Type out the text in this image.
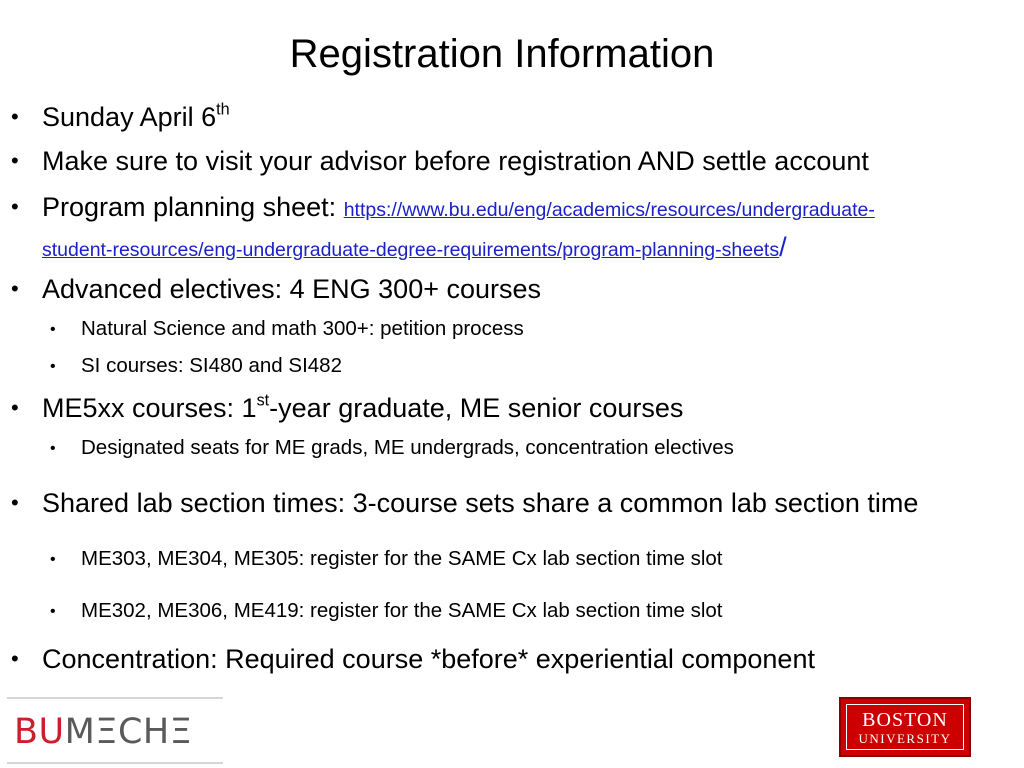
Registration Information
• Sunday April 6th
• Make sure to visit your advisor before registration AND settle account
• Program planning sheet: https://www.bu.edu/eng/academics/resources/undergraduate-
student-resources/eng-undergraduate-degree-requirements/program-planning-sheets/
• Advanced electives: 4 ENG 300+ courses
• Natural Science and math 300+: petition process
• SI courses: SI480 and SI482
• ME5xx courses: 1st-year graduate, ME senior courses
• Designated seats for ME grads, ME undergrads, concentration electives
• Shared lab section times: 3-course sets share a common lab section time
• ME303, ME304, ME305: register for the SAME Cx lab section time slot
• ME302, ME306, ME419: register for the SAME Cx lab section time slot
• Concentration: Required course *before* experiential component
BUMΞCHΞ	BOSTON
UNIVERSITY
